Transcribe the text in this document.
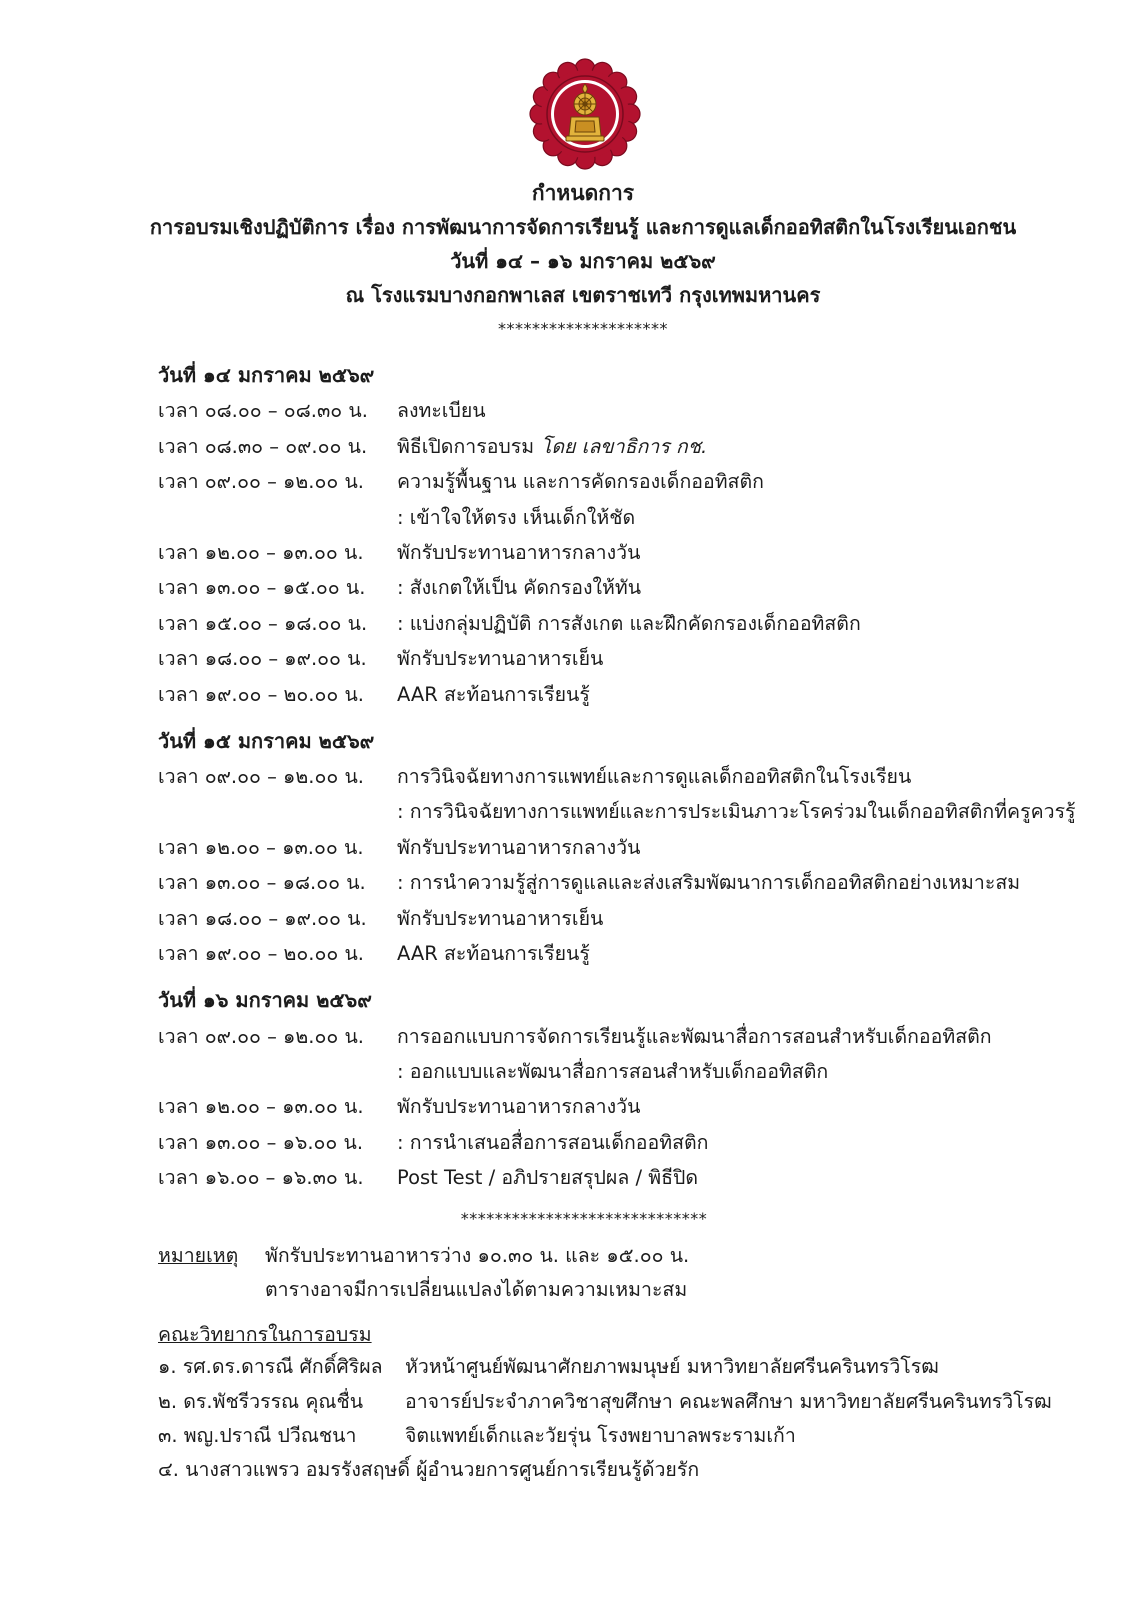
กำหนดการ
การอบรมเชิงปฏิบัติการ เรื่อง การพัฒนาการจัดการเรียนรู้ และการดูแลเด็กออทิสติกในโรงเรียนเอกชน
วันที่ ๑๔ – ๑๖ มกราคม ๒๕๖๙
ณ โรงแรมบางกอกพาเลส เขตราชเทวี กรุงเทพมหานคร
********************
วันที่ ๑๔ มกราคม ๒๕๖๙
เวลา ๐๘.๐๐ – ๐๘.๓๐ น.	ลงทะเบียน
เวลา ๐๘.๓๐ – ๐๙.๐๐ น.	พิธีเปิดการอบรม โดย เลขาธิการ กช.
เวลา ๐๙.๐๐ – ๑๒.๐๐ น.	ความรู้พื้นฐาน และการคัดกรองเด็กออทิสติก
: เข้าใจให้ตรง เห็นเด็กให้ชัด
เวลา ๑๒.๐๐ – ๑๓.๐๐ น.	พักรับประทานอาหารกลางวัน
เวลา ๑๓.๐๐ – ๑๕.๐๐ น.	: สังเกตให้เป็น คัดกรองให้ทัน
เวลา ๑๕.๐๐ – ๑๘.๐๐ น.	: แบ่งกลุ่มปฏิบัติ การสังเกต และฝึกคัดกรองเด็กออทิสติก
เวลา ๑๘.๐๐ – ๑๙.๐๐ น.	พักรับประทานอาหารเย็น
เวลา ๑๙.๐๐ – ๒๐.๐๐ น.	AAR สะท้อนการเรียนรู้
วันที่ ๑๕ มกราคม ๒๕๖๙
เวลา ๐๙.๐๐ – ๑๒.๐๐ น.	การวินิจฉัยทางการแพทย์และการดูแลเด็กออทิสติกในโรงเรียน
: การวินิจฉัยทางการแพทย์และการประเมินภาวะโรคร่วมในเด็กออทิสติกที่ครูควรรู้
เวลา ๑๒.๐๐ – ๑๓.๐๐ น.	พักรับประทานอาหารกลางวัน
เวลา ๑๓.๐๐ – ๑๘.๐๐ น.	: การนำความรู้สู่การดูแลและส่งเสริมพัฒนาการเด็กออทิสติกอย่างเหมาะสม
เวลา ๑๘.๐๐ – ๑๙.๐๐ น.	พักรับประทานอาหารเย็น
เวลา ๑๙.๐๐ – ๒๐.๐๐ น.	AAR สะท้อนการเรียนรู้
วันที่ ๑๖ มกราคม ๒๕๖๙
เวลา ๐๙.๐๐ – ๑๒.๐๐ น.	การออกแบบการจัดการเรียนรู้และพัฒนาสื่อการสอนสำหรับเด็กออทิสติก
: ออกแบบและพัฒนาสื่อการสอนสำหรับเด็กออทิสติก
เวลา ๑๒.๐๐ – ๑๓.๐๐ น.	พักรับประทานอาหารกลางวัน
เวลา ๑๓.๐๐ – ๑๖.๐๐ น.	: การนำเสนอสื่อการสอนเด็กออทิสติก
เวลา ๑๖.๐๐ – ๑๖.๓๐ น.	Post Test / อภิปรายสรุปผล / พิธีปิด
*****************************
หมายเหตุ	พักรับประทานอาหารว่าง ๑๐.๓๐ น. และ ๑๕.๐๐ น.
ตารางอาจมีการเปลี่ยนแปลงได้ตามความเหมาะสม
คณะวิทยากรในการอบรม
๑. รศ.ดร.ดารณี ศักดิ์ศิริผล	หัวหน้าศูนย์พัฒนาศักยภาพมนุษย์ มหาวิทยาลัยศรีนครินทรวิโรฒ
๒. ดร.พัชรีวรรณ คุณชื่น	อาจารย์ประจำภาควิชาสุขศึกษา คณะพลศึกษา มหาวิทยาลัยศรีนครินทรวิโรฒ
๓. พญ.ปราณี ปวีณชนา	จิตแพทย์เด็กและวัยรุ่น โรงพยาบาลพระรามเก้า
๔. นางสาวแพรว อมรรังสฤษดิ์ ผู้อำนวยการศูนย์การเรียนรู้ด้วยรัก
